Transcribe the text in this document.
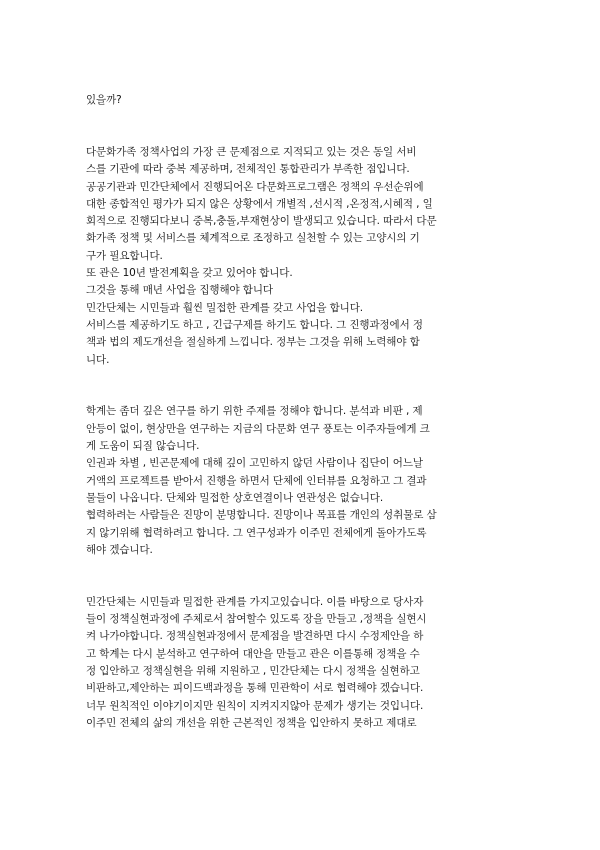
있을까?
다문화가족 정책사업의 가장 큰 문제점으로 지적되고 있는 것은 동일 서비
스를 기관에 따라 중복 제공하며, 전체적인 통합관리가 부족한 점입니다.
공공기관과 민간단체에서 진행되어온 다문화프로그램은 정책의 우선순위에
대한 종합적인 평가가 되지 않은 상황에서 개별적 ,선시적 ,온정적,시혜적 , 일
회적으로 진행되다보니 중복,충돌,부재현상이 발생되고 있습니다. 따라서 다문
화가족 정책 및 서비스를 체계적으로 조정하고 실천할 수 있는 고양시의 기
구가 필요합니다.
또 관은 10년 발전계획을 갖고 있어야 합니다.
그것을 통해 매년 사업을 집행해야 합니다
민간단체는 시민들과 훨씬 밀접한 관계를 갖고 사업을 합니다.
서비스를 제공하기도 하고 , 긴급구제를 하기도 합니다. 그 진행과정에서 정
책과 법의 제도개선을 절실하게 느낍니다. 정부는 그것을 위해 노력해야 합
니다.
학계는 좀더 깊은 연구를 하기 위한 주제를 정해야 합니다. 분석과 비판 , 제
안등이 없이, 현상만을 연구하는 지금의 다문화 연구 풍토는 이주자들에게 크
게 도움이 되질 않습니다.
인권과 차별 , 빈곤문제에 대해 깊이 고민하지 않던 사람이나 집단이 어느날
거액의 프로젝트를 받아서 진행을 하면서 단체에 인터뷰를 요청하고 그 결과
물들이 나옵니다. 단체와 밀접한 상호연결이나 연관성은 없습니다.
협력하려는 사람들은 진망이 분명합니다. 진망이나 목표를 개인의 성취물로 삼
지 않기위해 협력하려고 합니다. 그 연구성과가 이주민 전체에게 돌아가도록
해야 겠습니다.
민간단체는 시민들과 밀접한 관계를 가지고있습니다. 이를 바탕으로 당사자
들이 정책실현과정에 주체로서 참여할수 있도록 장을 만들고 ,정책을 실현시
켜 나가야합니다. 정책실현과정에서 문제점을 발견하면 다시 수정제안을 하
고 학계는 다시 분석하고 연구하여 대안을 만들고 관은 이를통해 정책을 수
정 입안하고 정책실현을 위해 지원하고 , 민간단체는 다시 정책을 실현하고
비판하고,제안하는 피이드백과정을 통해 민관학이 서로 협력해야 겠습니다.
너무 원칙적인 이야기이지만 원칙이 지켜지지않아 문제가 생기는 것입니다.
이주민 전체의 삶의 개선을 위한 근본적인 정책을 입안하지 못하고 제대로
